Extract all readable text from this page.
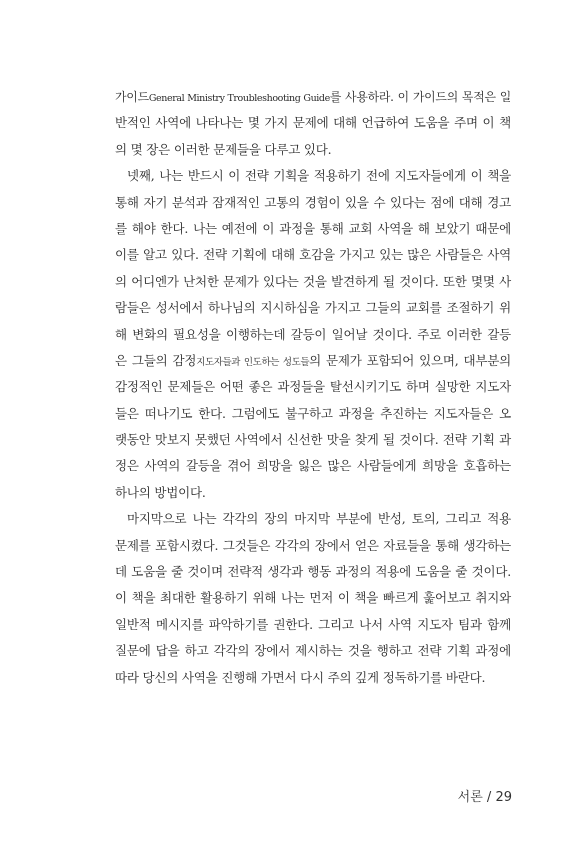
가이드General Ministry Troubleshooting Guide를 사용하라. 이 가이드의 목적은 일
반적인 사역에 나타나는 몇 가지 문제에 대해 언급하여 도움을 주며 이 책
의 몇 장은 이러한 문제들을 다루고 있다.
넷째, 나는 반드시 이 전략 기획을 적용하기 전에 지도자들에게 이 책을
통해 자기 분석과 잠재적인 고통의 경험이 있을 수 있다는 점에 대해 경고
를 해야 한다. 나는 예전에 이 과정을 통해 교회 사역을 해 보았기 때문에
이를 알고 있다. 전략 기획에 대해 호감을 가지고 있는 많은 사람들은 사역
의 어디엔가 난처한 문제가 있다는 것을 발견하게 될 것이다. 또한 몇몇 사
람들은 성서에서 하나님의 지시하심을 가지고 그들의 교회를 조절하기 위
해 변화의 필요성을 이행하는데 갈등이 일어날 것이다. 주로 이러한 갈등
은 그들의 감정지도자들과 인도하는 성도들의 문제가 포함되어 있으며, 대부분의
감정적인 문제들은 어떤 좋은 과정들을 탈선시키기도 하며 실망한 지도자
들은 떠나기도 한다. 그럼에도 불구하고 과정을 추진하는 지도자들은 오
랫동안 맛보지 못했던 사역에서 신선한 맛을 찾게 될 것이다. 전략 기획 과
정은 사역의 갈등을 겪어 희망을 잃은 많은 사람들에게 희망을 호흡하는
하나의 방법이다.
마지막으로 나는 각각의 장의 마지막 부분에 반성, 토의, 그리고 적용
문제를 포함시켰다. 그것들은 각각의 장에서 얻은 자료들을 통해 생각하는
데 도움을 줄 것이며 전략적 생각과 행동 과정의 적용에 도움을 줄 것이다.
이 책을 최대한 활용하기 위해 나는 먼저 이 책을 빠르게 훑어보고 취지와
일반적 메시지를 파악하기를 권한다. 그리고 나서 사역 지도자 팀과 함께
질문에 답을 하고 각각의 장에서 제시하는 것을 행하고 전략 기획 과정에
따라 당신의 사역을 진행해 가면서 다시 주의 깊게 정독하기를 바란다.
서론 / 29
